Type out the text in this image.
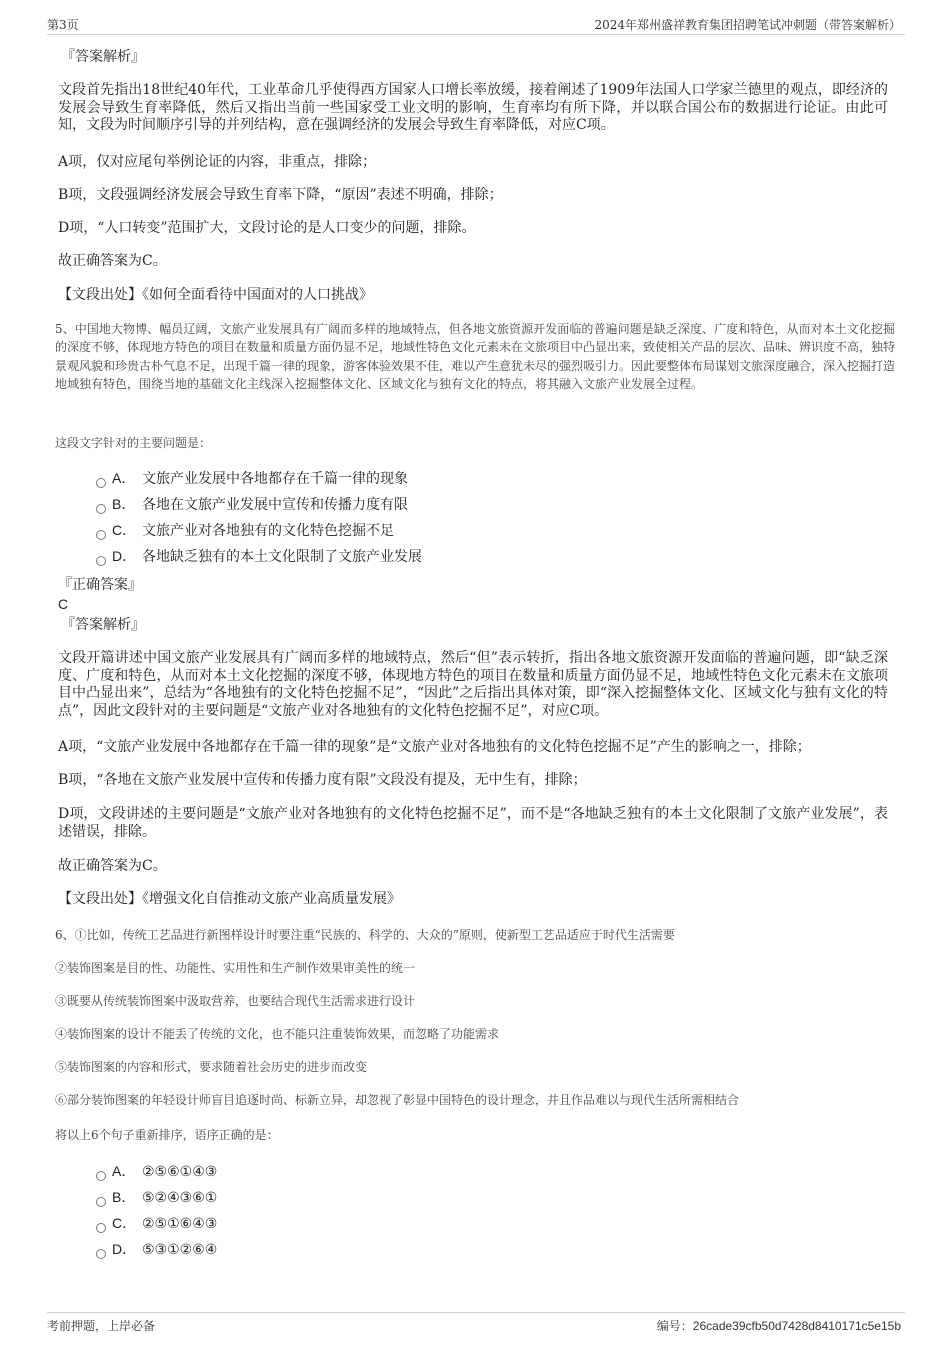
第3页	2024年郑州盛祥教育集团招聘笔试冲刺题（带答案解析）
『答案解析』
文段首先指出18世纪40年代，工业革命几乎使得西方国家人口增长率放缓，接着阐述了1909年法国人口学家兰德里的观点，即经济的发展会导致生育率降低，然后又指出当前一些国家受工业文明的影响，生育率均有所下降，并以联合国公布的数据进行论证。由此可知，文段为时间顺序引导的并列结构，意在强调经济的发展会导致生育率降低，对应C项。
A项，仅对应尾句举例论证的内容，非重点，排除；
B项，文段强调经济发展会导致生育率下降，“原因”表述不明确，排除；
D项，“人口转变”范围扩大，文段讨论的是人口变少的问题，排除。
故正确答案为C。
【文段出处】《如何全面看待中国面对的人口挑战》
5、中国地大物博、幅员辽阔，文旅产业发展具有广阔而多样的地域特点，但各地文旅资源开发面临的普遍问题是缺乏深度、广度和特色，从而对本土文化挖掘的深度不够，体现地方特色的项目在数量和质量方面仍显不足，地域性特色文化元素未在文旅项目中凸显出来，致使相关产品的层次、品味、辨识度不高，独特景观风貌和珍贵古朴气息不足，出现千篇一律的现象，游客体验效果不佳，难以产生意犹未尽的强烈吸引力。因此要整体布局谋划文旅深度融合，深入挖掘打造地域独有特色，围绕当地的基础文化主线深入挖掘整体文化、区域文化与独有文化的特点，将其融入文旅产业发展全过程。
这段文字针对的主要问题是：
A． 文旅产业发展中各地都存在千篇一律的现象
B． 各地在文旅产业发展中宣传和传播力度有限
C． 文旅产业对各地独有的文化特色挖掘不足
D． 各地缺乏独有的本土文化限制了文旅产业发展
『正确答案』
C
『答案解析』
文段开篇讲述中国文旅产业发展具有广阔而多样的地域特点，然后“但”表示转折，指出各地文旅资源开发面临的普遍问题，即“缺乏深度、广度和特色，从而对本土文化挖掘的深度不够，体现地方特色的项目在数量和质量方面仍显不足，地域性特色文化元素未在文旅项目中凸显出来”，总结为“各地独有的文化特色挖掘不足”，“因此”之后指出具体对策，即“深入挖掘整体文化、区域文化与独有文化的特点”，因此文段针对的主要问题是“文旅产业对各地独有的文化特色挖掘不足”，对应C项。
A项，“文旅产业发展中各地都存在千篇一律的现象”是“文旅产业对各地独有的文化特色挖掘不足”产生的影响之一，排除；
B项，“各地在文旅产业发展中宣传和传播力度有限”文段没有提及，无中生有，排除；
D项，文段讲述的主要问题是“文旅产业对各地独有的文化特色挖掘不足”，而不是“各地缺乏独有的本土文化限制了文旅产业发展”，表述错误，排除。
故正确答案为C。
【文段出处】《增强文化自信推动文旅产业高质量发展》
6、①比如，传统工艺品进行新图样设计时要注重“民族的、科学的、大众的”原则，使新型工艺品适应于时代生活需要
②装饰图案是目的性、功能性、实用性和生产制作效果审美性的统一
③既要从传统装饰图案中汲取营养，也要结合现代生活需求进行设计
④装饰图案的设计不能丢了传统的文化，也不能只注重装饰效果，而忽略了功能需求
⑤装饰图案的内容和形式，要求随着社会历史的进步而改变
⑥部分装饰图案的年轻设计师盲目追逐时尚、标新立异，却忽视了彰显中国特色的设计理念，并且作品难以与现代生活所需相结合
将以上6个句子重新排序，语序正确的是：
A． ②⑤⑥①④③
B． ⑤②④③⑥①
C． ②⑤①⑥④③
D． ⑤③①②⑥④
考前押题，上岸必备	编号：26cade39cfb50d7428d8410171c5e15b
